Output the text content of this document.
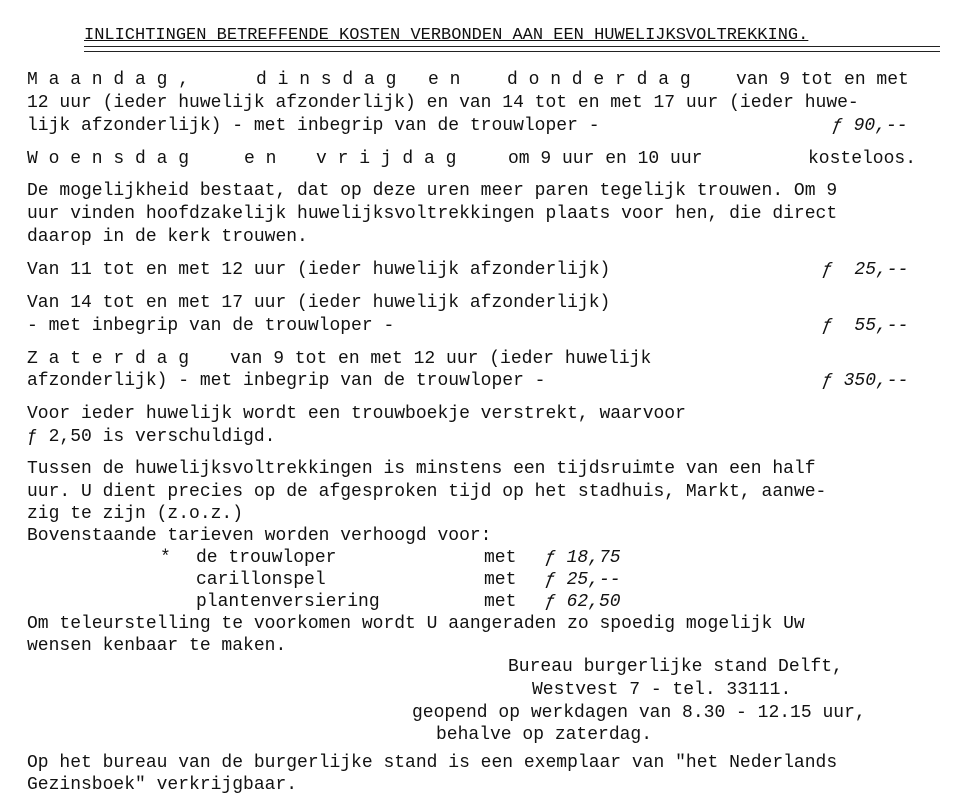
INLICHTINGEN BETREFFENDE KOSTEN VERBONDEN AAN EEN HUWELIJKSVOLTREKKING.
M a a n d a g ,	d i n s d a g e n	d o n d e r d a g	van 9 tot en met
12 uur (ieder huwelijk afzonderlijk) en van 14 tot en met 17 uur (ieder huwe-
lijk afzonderlijk) - met inbegrip van de trouwloper -	ƒ 90,--
W o e n s d a g	e n v r i j d a g	om 9 uur en 10 uur	kosteloos.
De mogelijkheid bestaat, dat op deze uren meer paren tegelijk trouwen. Om 9
uur vinden hoofdzakelijk huwelijksvoltrekkingen plaats voor hen, die direct
daarop in de kerk trouwen.
Van 11 tot en met 12 uur (ieder huwelijk afzonderlijk)	ƒ  25,--
Van 14 tot en met 17 uur (ieder huwelijk afzonderlijk)
- met inbegrip van de trouwloper -	ƒ  55,--
Z a t e r d a g van 9 tot en met 12 uur (ieder huwelijk
afzonderlijk) - met inbegrip van de trouwloper -	ƒ 350,--
Voor ieder huwelijk wordt een trouwboekje verstrekt, waarvoor
ƒ 2,50 is verschuldigd.
Tussen de huwelijksvoltrekkingen is minstens een tijdsruimte van een half
uur. U dient precies op de afgesproken tijd op het stadhuis, Markt, aanwe-
zig te zijn (z.o.z.)
Bovenstaande tarieven worden verhoogd voor:
* de trouwloper	met ƒ 18,75
carillonspel	met ƒ 25,--
plantenversiering	met ƒ 62,50
Om teleurstelling te voorkomen wordt U aangeraden zo spoedig mogelijk Uw
wensen kenbaar te maken.
Bureau burgerlijke stand Delft,
Westvest 7 - tel. 33111.
geopend op werkdagen van 8.30 - 12.15 uur,
behalve op zaterdag.
Op het bureau van de burgerlijke stand is een exemplaar van "het Nederlands
Gezinsboek" verkrijgbaar.
